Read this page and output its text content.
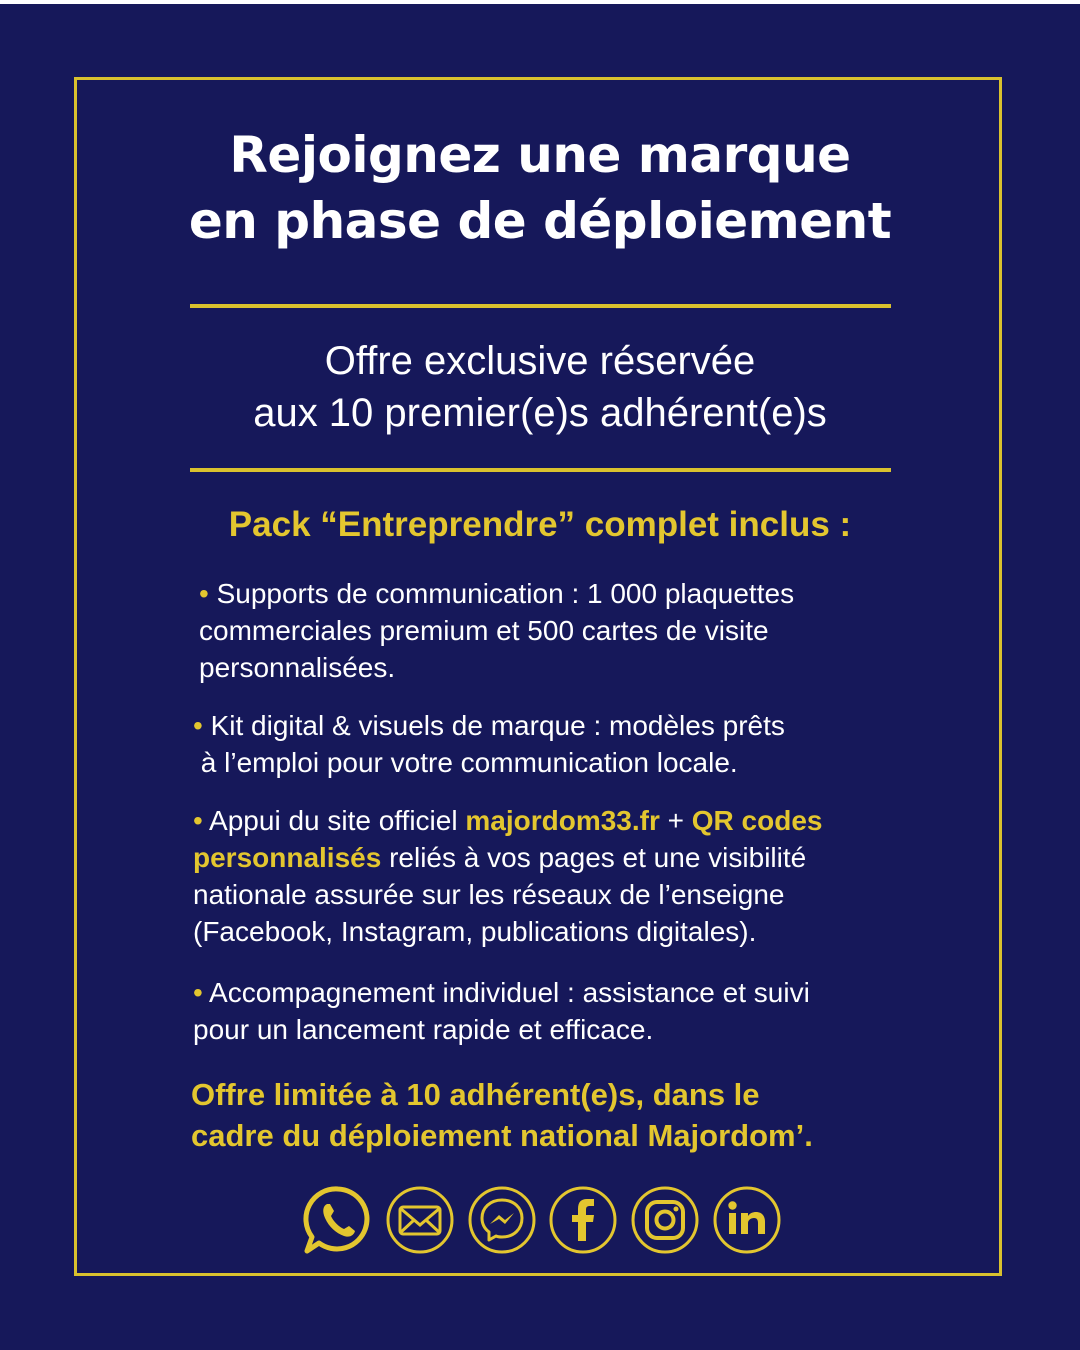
Rejoignez une marque
en phase de déploiement
Offre exclusive réservée
aux 10 premier(e)s adhérent(e)s
Pack “Entreprendre” complet inclus :
• Supports de communication : 1 000 plaquettes
commerciales premium et 500 cartes de visite
personnalisées.
• Kit digital & visuels de marque : modèles prêts
à l’emploi pour votre communication locale.
• Appui du site officiel majordom33.fr + QR codes
personnalisés reliés à vos pages et une visibilité
nationale assurée sur les réseaux de l’enseigne
(Facebook, Instagram, publications digitales).
• Accompagnement individuel : assistance et suivi
pour un lancement rapide et efficace.
Offre limitée à 10 adhérent(e)s, dans le
cadre du déploiement national Majordom’.
